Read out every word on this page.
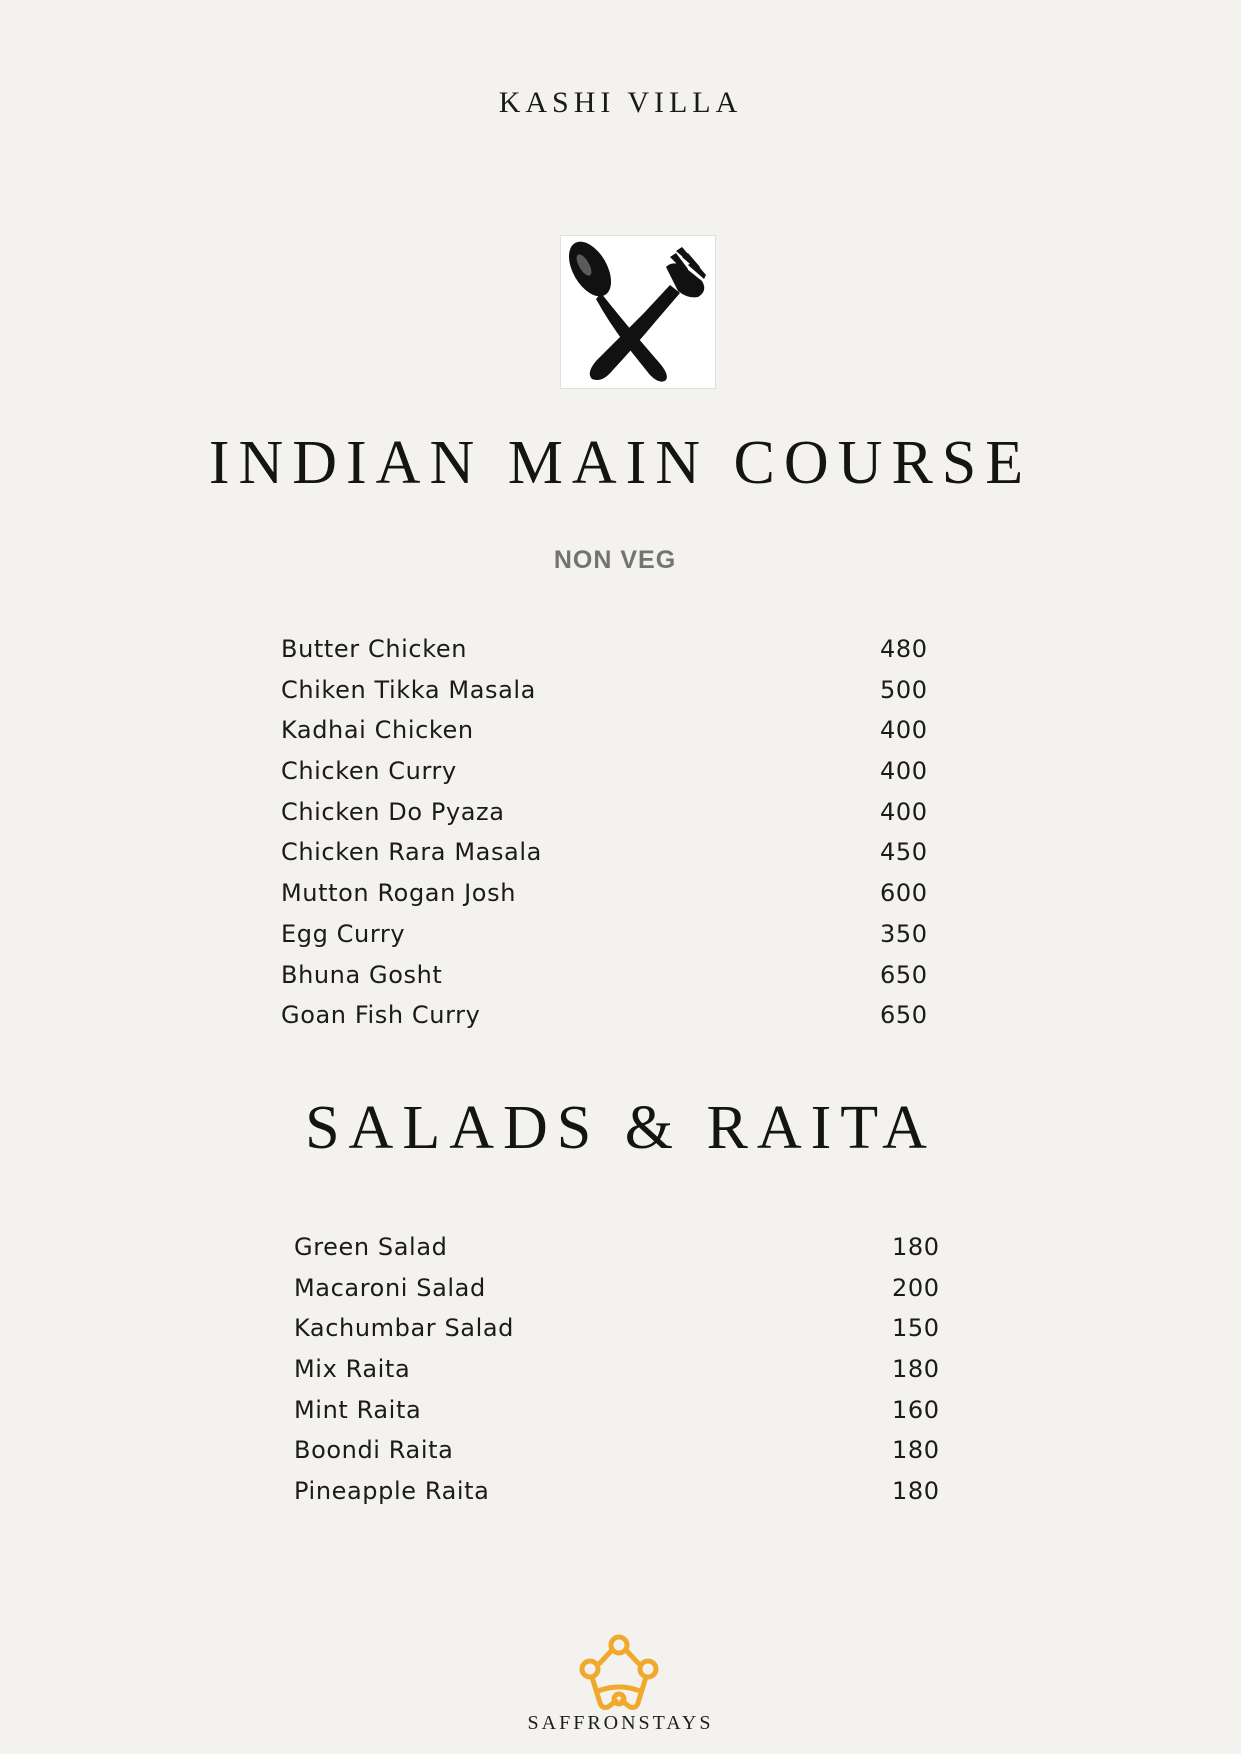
KASHI VILLA
INDIAN MAIN COURSE
NON VEG
Butter Chicken	480
Chiken Tikka Masala	500
Kadhai Chicken	400
Chicken Curry	400
Chicken Do Pyaza	400
Chicken Rara Masala	450
Mutton Rogan Josh	600
Egg Curry	350
Bhuna Gosht	650
Goan Fish Curry	650
SALADS & RAITA
Green Salad	180
Macaroni Salad	200
Kachumbar Salad	150
Mix Raita	180
Mint Raita	160
Boondi Raita	180
Pineapple Raita	180
SAFFRONSTAYS
